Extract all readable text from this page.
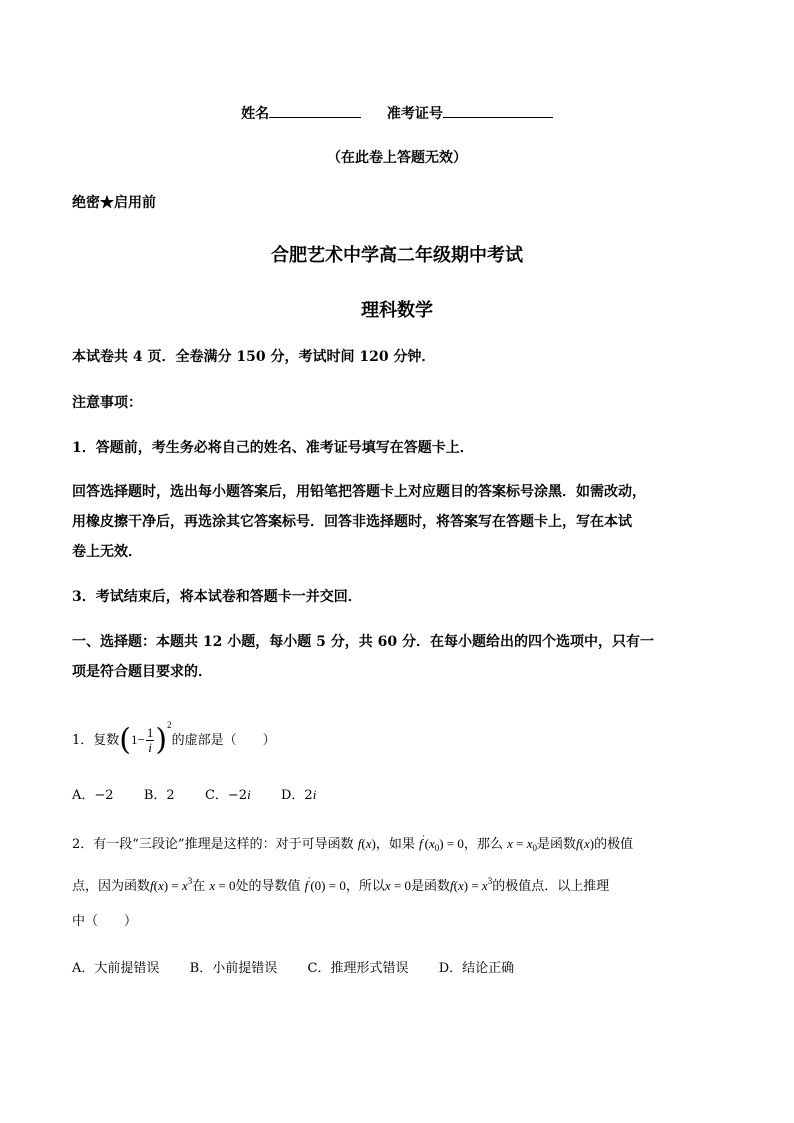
姓名	准考证号
（在此卷上答题无效）
绝密★启用前
合肥艺术中学高二年级期中考试
理科数学
本试卷共 4 页．全卷满分 150 分，考试时间 120 分钟．
注意事项：
1．答题前，考生务必将自己的姓名、准考证号填写在答题卡上．
回答选择题时，选出每小题答案后，用铅笔把答题卡上对应题目的答案标号涂黑．如需改动，
用橡皮擦干净后，再选涂其它答案标号．回答非选择题时，将答案写在答题卡上，写在本试
卷上无效．
3．考试结束后，将本试卷和答题卡一并交回．
一、选择题：本题共 12 小题，每小题 5 分，共 60 分．在每小题给出的四个选项中，只有一
项是符合题目要求的．
1．复数$(1- \frac{1}{i} )^2$的虚部是（　　）
A．−2 B．2 C．−2i D．2i
2．有一段“三段论”推理是这样的：对于可导函数 f(x)，如果 $f'(x_0) = 0$，那么 $x = x_0$是函数f(x)的极值
点，因为函数$f(x) = x^3$在 x = 0处的导数值 f′(0) = 0，所以x = 0是函数$f(x) = x^3$的极值点．以上推理
中（　　）
A．大前提错误 B．小前提错误 C．推理形式错误 D．结论正确
